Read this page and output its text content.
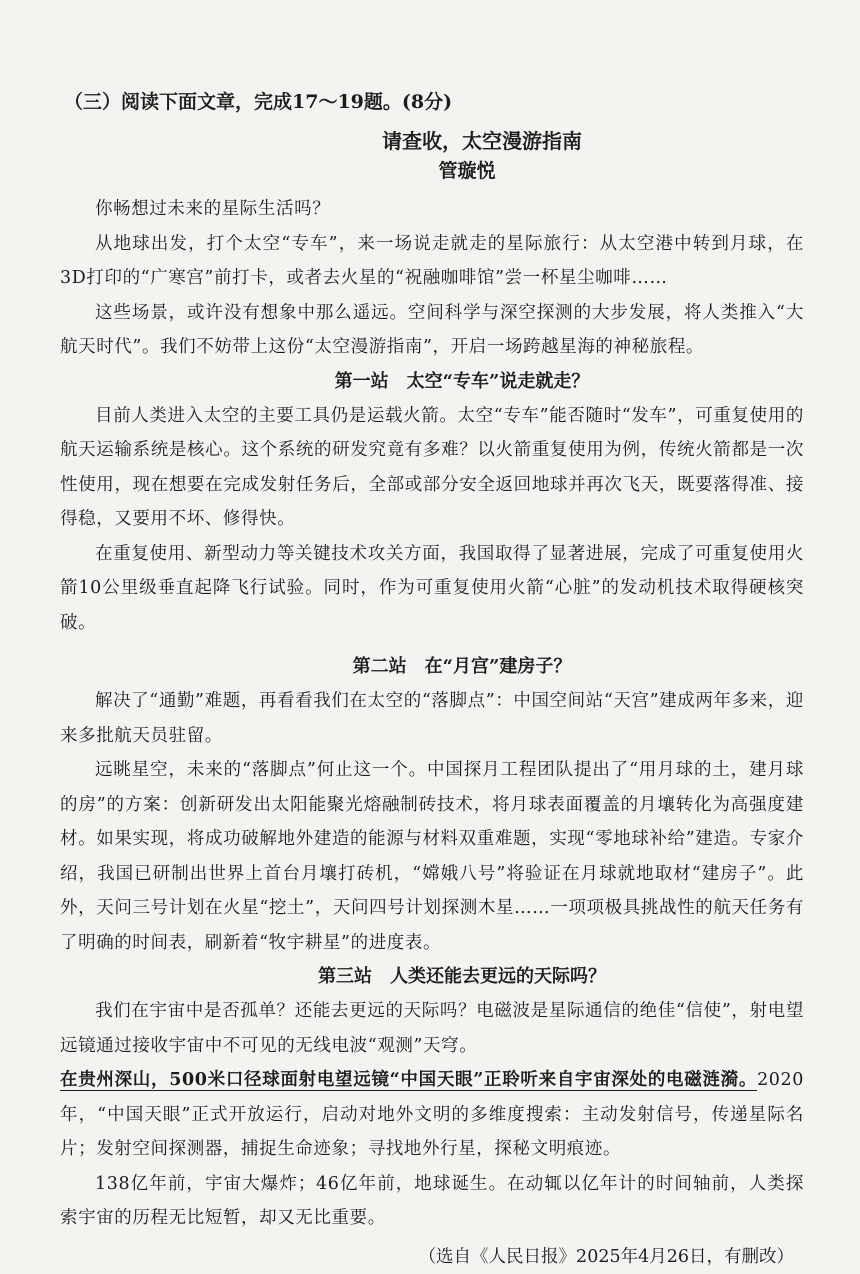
（三）阅读下面文章，完成17～19题。(8分)
请查收，太空漫游指南
管璇悦

你畅想过未来的星际生活吗？

从地球出发，打个太空“专车”，来一场说走就走的星际旅行：从太空港中转到月球，在3D打印的“广寒宫”前打卡，或者去火星的“祝融咖啡馆”尝一杯星尘咖啡……

这些场景，或许没有想象中那么遥远。空间科学与深空探测的大步发展，将人类推入“大航天时代”。我们不妨带上这份“太空漫游指南”，开启一场跨越星海的神秘旅程。

第一站　太空“专车”说走就走？

目前人类进入太空的主要工具仍是运载火箭。太空“专车”能否随时“发车”，可重复使用的航天运输系统是核心。这个系统的研发究竟有多难？以火箭重复使用为例，传统火箭都是一次性使用，现在想要在完成发射任务后，全部或部分安全返回地球并再次飞天，既要落得准、接得稳，又要用不坏、修得快。

在重复使用、新型动力等关键技术攻关方面，我国取得了显著进展，完成了可重复使用火箭10公里级垂直起降飞行试验。同时，作为可重复使用火箭“心脏”的发动机技术取得硬核突破。

第二站　在“月宫”建房子？

解决了“通勤”难题，再看看我们在太空的“落脚点”：中国空间站“天宫”建成两年多来，迎来多批航天员驻留。

远眺星空，未来的“落脚点”何止这一个。中国探月工程团队提出了“用月球的土，建月球的房”的方案：创新研发出太阳能聚光熔融制砖技术，将月球表面覆盖的月壤转化为高强度建材。如果实现，将成功破解地外建造的能源与材料双重难题，实现“零地球补给”建造。专家介绍，我国已研制出世界上首台月壤打砖机，“嫦娥八号”将验证在月球就地取材“建房子”。此外，天问三号计划在火星“挖土”，天问四号计划探测木星……一项项极具挑战性的航天任务有了明确的时间表，刷新着“牧宇耕星”的进度表。

第三站　人类还能去更远的天际吗？

我们在宇宙中是否孤单？还能去更远的天际吗？电磁波是星际通信的绝佳“信使”，射电望远镜通过接收宇宙中不可见的无线电波“观测”天穹。

在贵州深山，500米口径球面射电望远镜“中国天眼”正聆听来自宇宙深处的电磁涟漪。2020年，“中国天眼”正式开放运行，启动对地外文明的多维度搜索：主动发射信号，传递星际名片；发射空间探测器，捕捉生命迹象；寻找地外行星，探秘文明痕迹。

138亿年前，宇宙大爆炸；46亿年前，地球诞生。在动辄以亿年计的时间轴前，人类探索宇宙的历程无比短暂，却又无比重要。

（选自《人民日报》2025年4月26日，有删改）
